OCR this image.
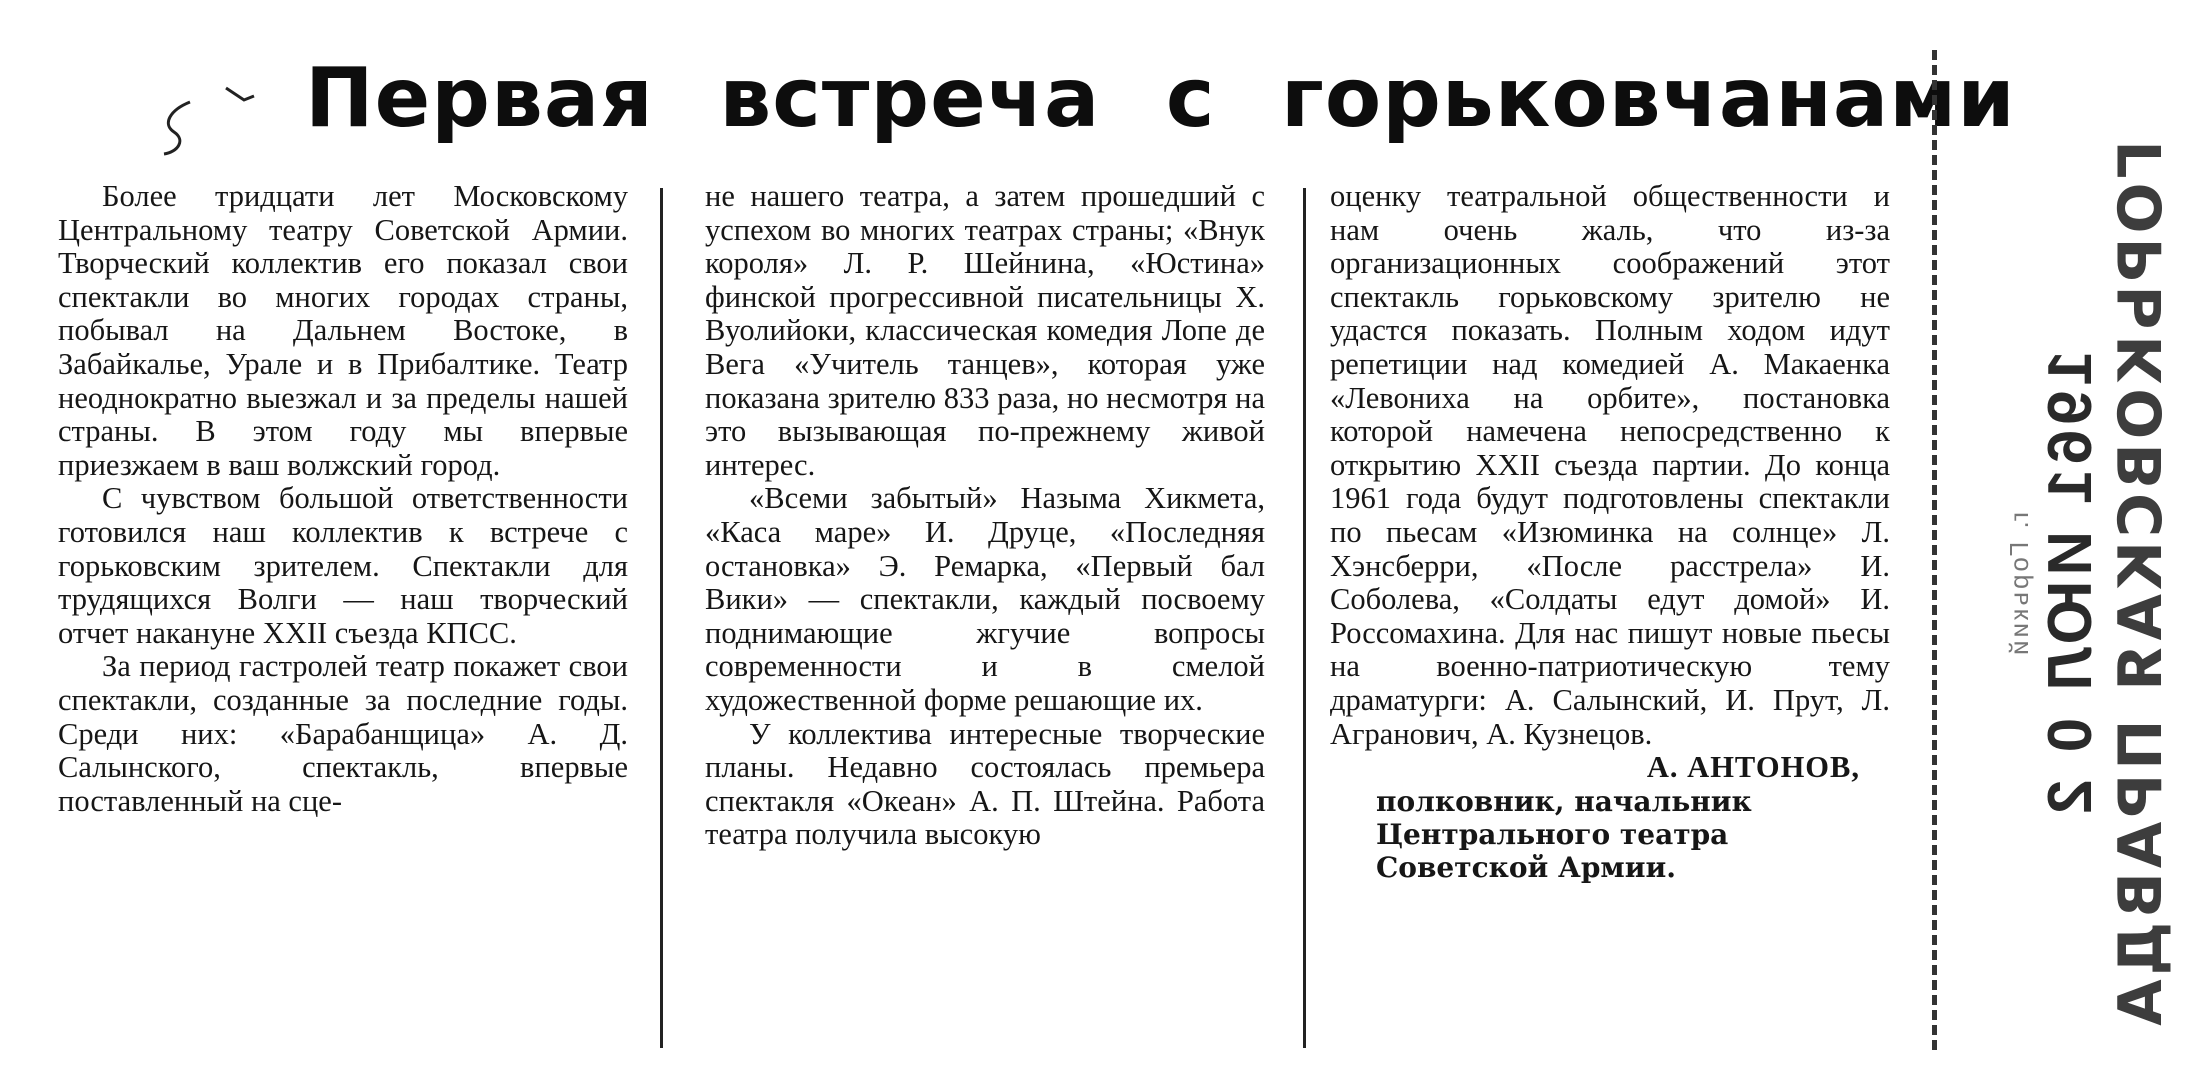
Первая встреча с горьковчанами

Более тридцати лет Московскому Центральному театру Советской Армии. Творческий коллектив его показал свои спектакли во многих городах страны, побывал на Дальнем Востоке, в Забайкалье, Урале и в Прибалтике. Театр неоднократно выезжал и за пределы нашей страны. В этом году мы впервые приезжаем в ваш волжский город.

С чувством большой ответственности готовился наш коллектив к встрече с горьковским зрителем. Спектакли для трудящихся Волги — наш творческий отчет накануне XXII съезда КПСС.

За период гастролей театр покажет свои спектакли, созданные за последние годы. Среди них: «Барабанщица» А. Д. Салынского, спектакль, впервые поставленный на сце-

не нашего театра, а затем прошедший с успехом во многих театрах страны; «Внук короля» Л. Р. Шейнина, «Юстина» финской прогрессивной писательницы Х. Вуолийоки, классическая комедия Лопе де Вега «Учитель танцев», которая уже показана зрителю 833 раза, но несмотря на это вызывающая по-прежнему живой интерес.

«Всеми забытый» Назыма Хикмета, «Каса маре» И. Друце, «Последняя остановка» Э. Ремарка, «Первый бал Вики» — спектакли, каждый посвоему поднимающие жгучие вопросы современности и в смелой художественной форме решающие их.

У коллектива интересные творческие планы. Недавно состоялась премьера спектакля «Океан» А. П. Штейна. Работа театра получила высокую

оценку театральной общественности и нам очень жаль, что из-за организационных соображений этот спектакль горьковскому зрителю не удастся показать. Полным ходом идут репетиции над комедией А. Макаенка «Левониха на орбите», постановка которой намечена непосредственно к открытию XXII съезда партии. До конца 1961 года будут подготовлены спектакли по пьесам «Изюминка на солнце» Л. Хэнсберри, «После расстрела» И. Соболева, «Солдаты едут домой» И. Россомахина. Для нас пишут новые пьесы на военно-патриотическую тему драматурги: А. Салынский, И. Прут, Л. Агранович, А. Кузнецов.

А. АНТОНОВ,

полковник, начальник Центрального театра Советской Армии.	ГОРЬКОВСКАЯ ПРАВДА
1961 ИЮЛ 0 2
г. Горький
